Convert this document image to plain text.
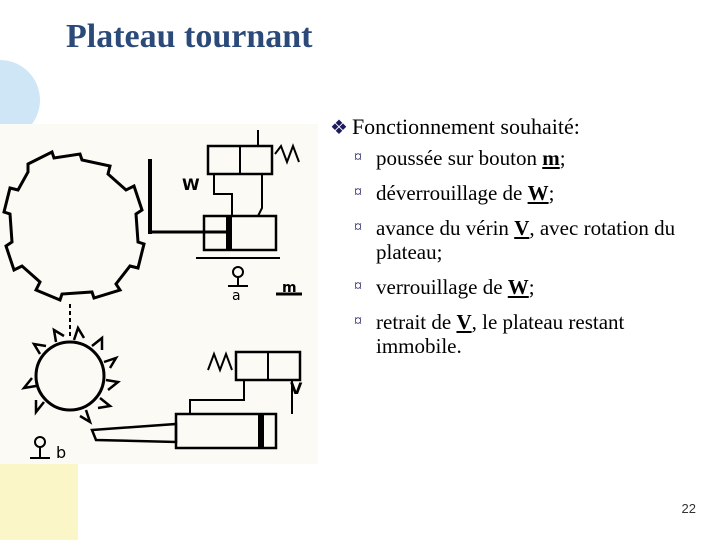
Plateau tournant
W
a	m
V
b
❖ Fonctionnement souhaité:
¤ poussée sur bouton m;
¤ déverrouillage de W;
¤ avance du vérin V, avec rotation du plateau;
¤ verrouillage de W;
¤ retrait de V, le plateau restant immobile.
22
